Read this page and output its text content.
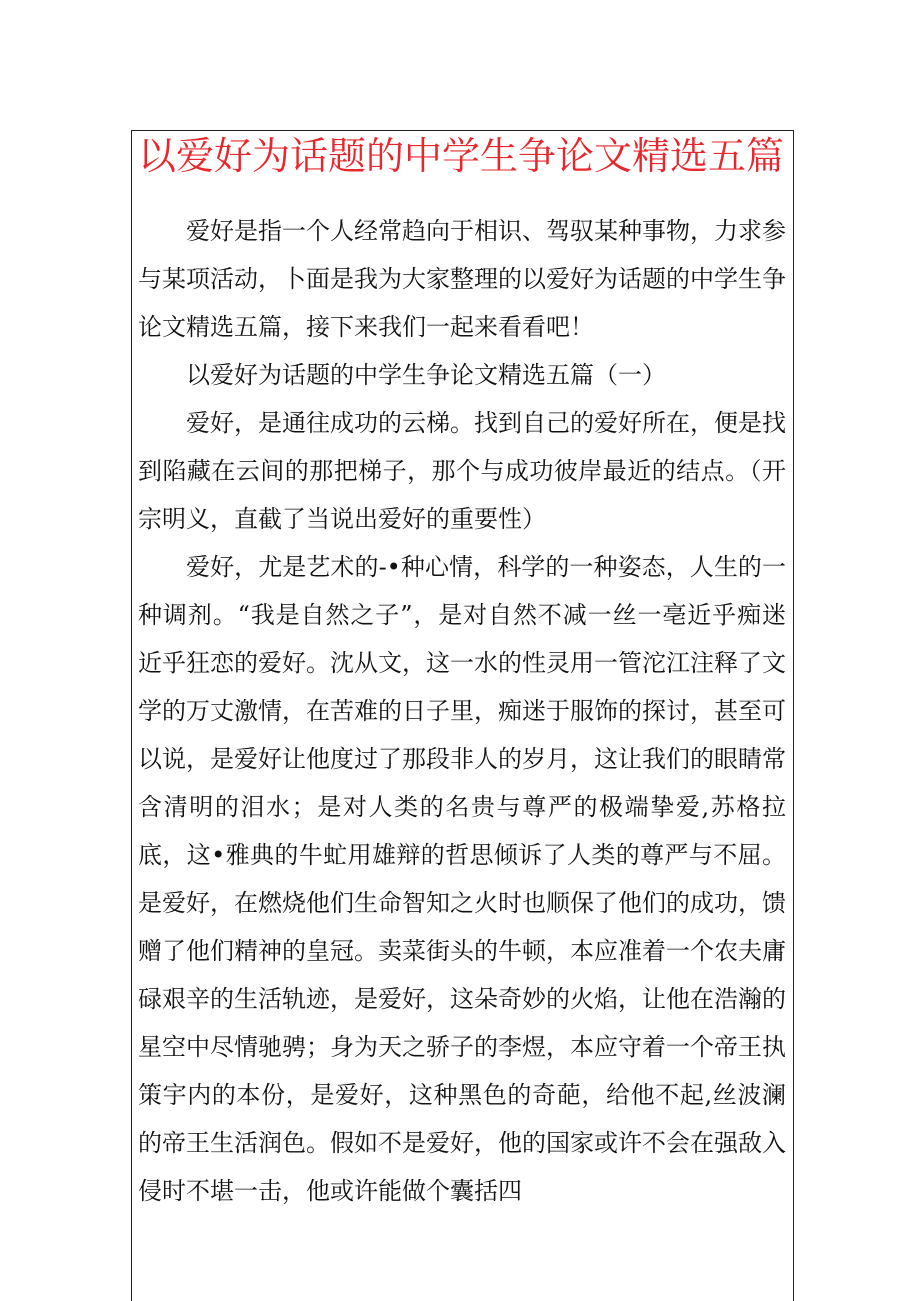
以爱好为话题的中学生争论文精选五篇

爱好是指一个人经常趋向于相识、驾驭某种事物，力求参与某项活动，卜面是我为大家整理的以爱好为话题的中学生争论文精选五篇，接下来我们一起来看看吧！

以爱好为话题的中学生争论文精选五篇（一）

爱好，是通往成功的云梯。找到自己的爱好所在，便是找到陷藏在云间的那把梯子，那个与成功彼岸最近的结点。（开宗明义，直截了当说出爱好的重要性）

爱好，尤是艺术的-•种心情，科学的一种姿态，人生的一种调剂。“我是自然之子”，是对自然不减一丝一亳近乎痴迷近乎狂恋的爱好。沈从文，这一水的性灵用一管沱江注释了文学的万丈激情，在苦难的日子里，痴迷于服饰的探讨，甚至可以说，是爱好让他度过了那段非人的岁月，这让我们的眼睛常含清明的泪水；是对人类的名贵与尊严的极端挚爱,苏格拉底，这•雅典的牛虻用雄辩的哲思倾诉了人类的尊严与不屈。是爱好，在燃烧他们生命智知之火时也顺保了他们的成功，馈赠了他们精神的皇冠。卖菜街头的牛顿，本应准着一个农夫庸碌艰辛的生活轨迹，是爱好，这朵奇妙的火焰，让他在浩瀚的星空中尽情驰骋；身为天之骄子的李煜，本应守着一个帝王执策宇内的本份，是爱好，这种黑色的奇葩，给他不起,丝波澜的帝王生活润色。假如不是爱好，他的国家或许不会在强敌入侵时不堪一击，他或许能做个囊括四
